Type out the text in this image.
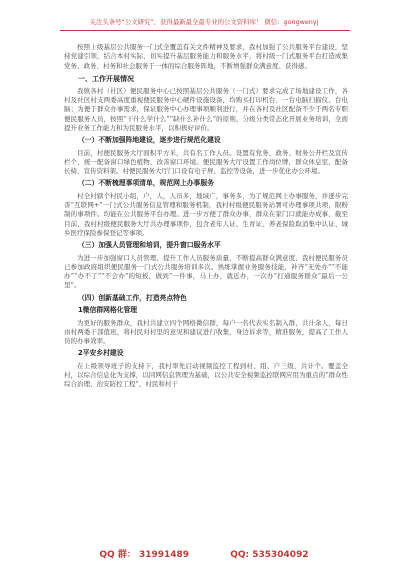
关注头条号“公文研究”，获得最新最全最专业的公文资料库！ 微信：gongwenyj

按照上级基层公共服务一门式全覆盖有关文件精神及要求，我村加强了公共服务平台建设，坚持党建引领，结合本村实际，切实提升基层服务能力和服务水平，将村级一门式服务平台打造成集党务、政务、村务和社会服务于一体的综合服务阵地，不断增强群众满意度、获得感。

一、工作开展情况

我镇各村（社区）便民服务中心已按照基层公共服务（一门式）要求完成了场地建设工作，各村及社区村支两委高度重视便民服务中心硬件设施设备，均购买打印机台、一台电脑扫描仪、台电脑；为便于群众办事需求，保证服务中心办理事项顺利进行，并在各村及社区配备不少于两名专职便民服务人员，按照“干什么学什么”“缺什么补什么”的原则，分级分类常态化开展业务培训，全面提升业务工作能力和为民服务水平，以积极好评价。

（一）不断加强阵地建设，逐步进行规范化建设

目前，村便民服务大厅面积平方米，共有名工作人员。设置有党务、政务、财务公开栏及宣传栏个，统一配备窗口绿色植物，改善窗口环境。便民服务大厅设置工作岗位牌，群众休息室，配备长椅、宣传资料架。村便民服务大厅门口设有电子屏、监控等设备，进一步优化办公环境。

（二）不断梳理事项清单，规范网上办事服务

村全村辖个村民小组，户，人，人员多，地域广，事务多，为了规范网上办事服务，并逐步完善“互联网+”一门式公共服务信息管理和服务机制，我村村级便民服务站署可办理事项共项，限粉制的事项件。均能在公共服务平台办理。进一步方便了群众办事，群众在家门口就能办成事，截至目前，我村村级便民服务大厅共办理事项件，包含老年人证、生育证、养老保险取消集中认证、城乡医疗保险参保登记等事项。

（三）加强人员管理和培训，提升窗口服务水平

为进一步加强窗口人员管理，提升工作人员服务质量，不断提高群众满意度，我村便民服务员已参加政府组织便民服务一门式公共服务培训多次。熟练掌握业务服务技能，补齐“无处办”“不能办”“办不了”“不会办”的短板，做到“一件事，马上办，就近办，一次办”打通服务群众“最后一公里”。

（四）创新基础工作，打造亮点特色

1微信群网格化管理

为更好的服务群众，我村共建立四个网格微信群，每户一名代表实名制入群，共计余人，每日由村两委干部值班，将村民对村里的意见和建议进行收集，身边诉求等，精准服务，提高了工作人员的办事效率。

2平安乡村建设

在上级领导班子的支持下，我村率先启动视频监控工程到村、组、户三级，共计个。覆盖全村，以综合信息化为支撑，以同网信息管理为基础，以公共安全视频监控联网应用为重点的“群众性综合治理、治安防控工程”，村民和村干

QQ 群： 31991489	QQ: 535304092
